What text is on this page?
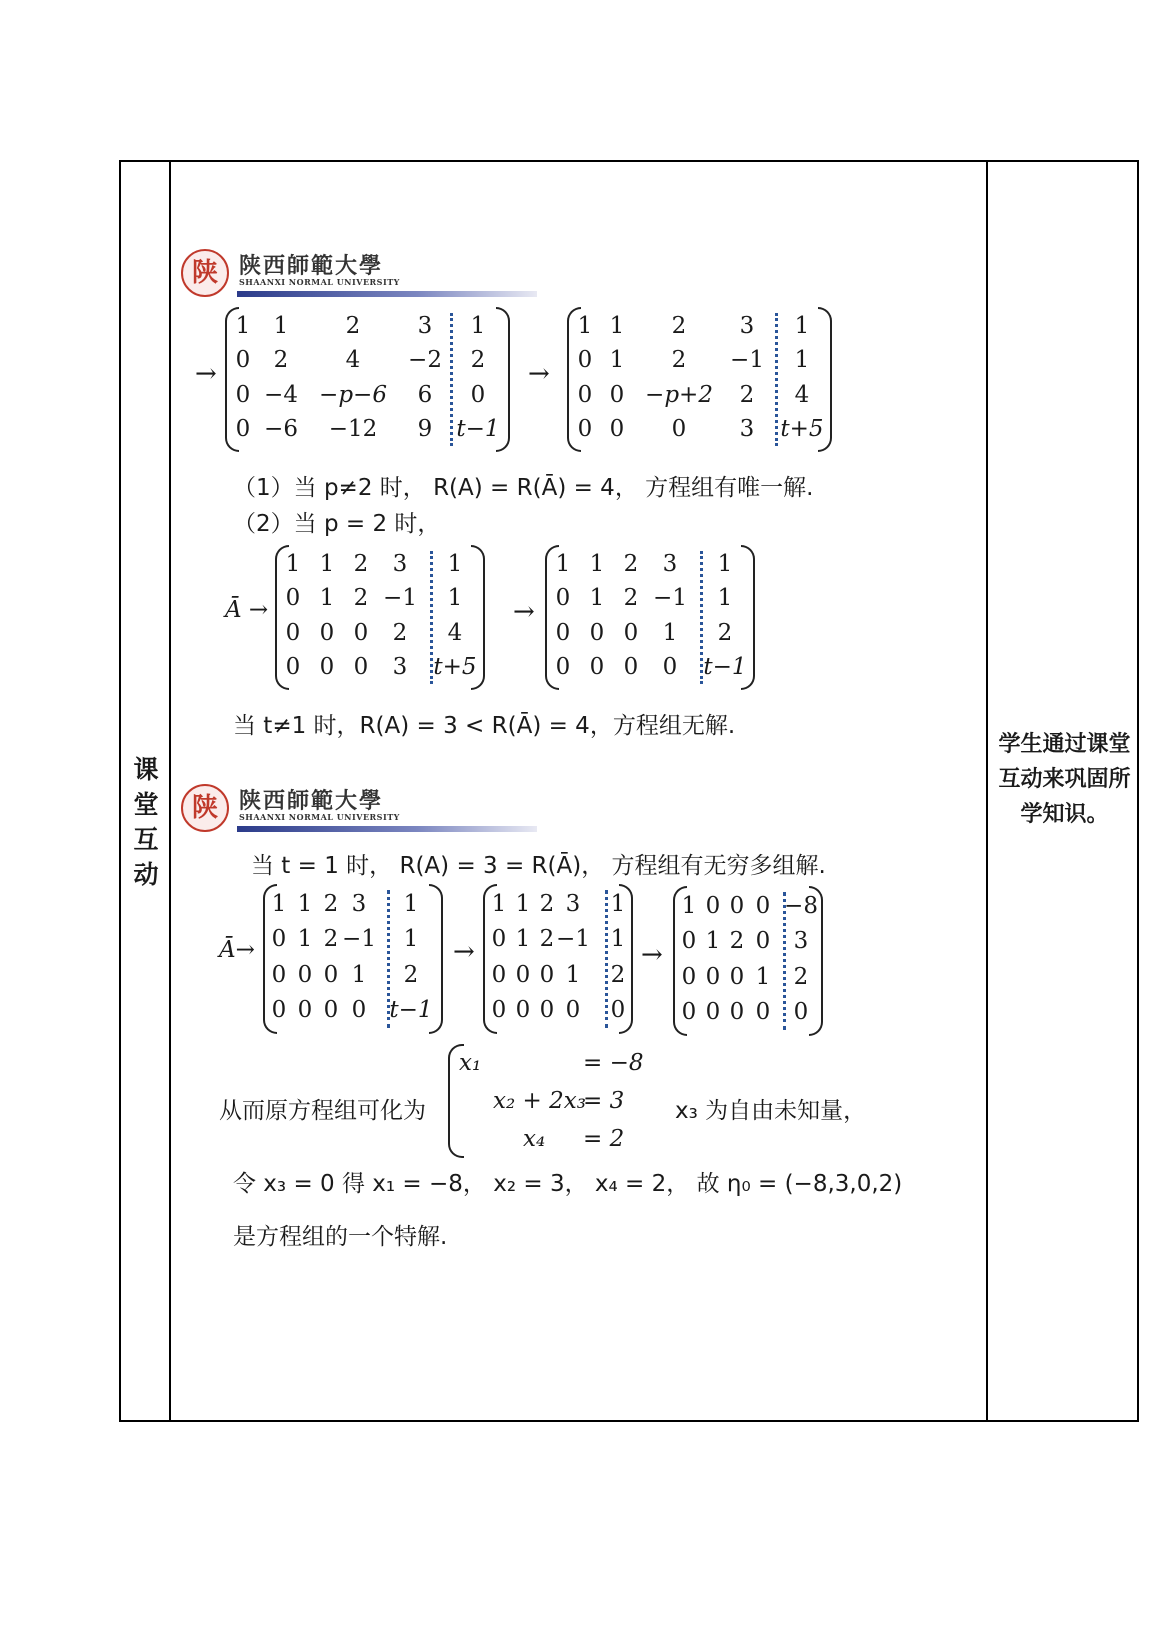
课
堂
互
动
学生通过课堂互动来巩固所学知识。
陕 陕西師範大學
SHAANXI NORMAL UNIVERSITY
→
1 1 2 3 1
0 2 4 −2 2
0 −4 −p−6 6 0
0 −6 −12 9 t−1
→
1 1 2 3 1
0 1 2 −1 1
0 0 −p+2 2 4
0 0 0 3 t+5
（1）当 p≠2 时， R(A) = R(Ā) = 4， 方程组有唯一解.
（2）当 p = 2 时，
Ā →
1 1 2 3 1
0 1 2 −1 1
0 0 0 2 4
0 0 0 3 t+5
→
1 1 2 3 1
0 1 2 −1 1
0 0 0 1 2
0 0 0 0 t−1
当 t≠1 时，R(A) = 3 < R(Ā) = 4，方程组无解.
陕 陕西師範大學
SHAANXI NORMAL UNIVERSITY
当 t = 1 时， R(A) = 3 = R(Ā)， 方程组有无穷多组解.
Ā→
1 1 2 3 1
0 1 2 −1 1
0 0 0 1 2
0 0 0 0 t−1
→
1 1 2 3 1
0 1 2 −1 1
0 0 0 1 2
0 0 0 0 0
→
1 0 0 0 −8
0 1 2 0 3
0 0 0 1 2
0 0 0 0 0
从而原方程组可化为
x₁	= −8
x₂ + 2x₃
= 3
x₄ = 2
x₃ 为自由未知量，
令 x₃ = 0 得 x₁ = −8， x₂ = 3， x₄ = 2， 故 η₀ = (−8,3,0,2)
是方程组的一个特解.
